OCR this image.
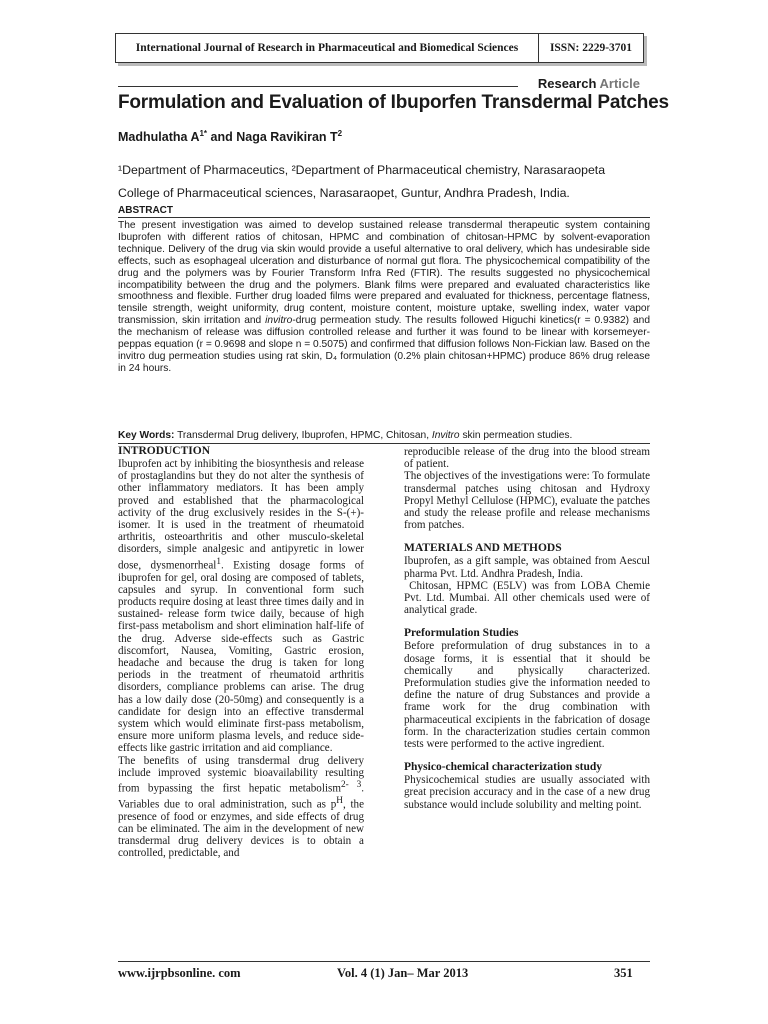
International Journal of Research in Pharmaceutical and Biomedical Sciences	ISSN: 2229-3701
Research Article
Formulation and Evaluation of Ibuporfen Transdermal Patches
Madhulatha $A^{1*}$ and Naga Ravikiran $T^2$
¹Department of Pharmaceutics, ²Department of Pharmaceutical chemistry, Narasaraopeta
College of Pharmaceutical sciences, Narasaraopet, Guntur, Andhra Pradesh, India.
ABSTRACT
The present investigation was aimed to develop sustained release transdermal therapeutic system containing Ibuprofen with different ratios of chitosan, HPMC and combination of chitosan-HPMC by solvent-evaporation technique. Delivery of the drug via skin would provide a useful alternative to oral delivery, which has undesirable side effects, such as esophageal ulceration and disturbance of normal gut flora. The physicochemical compatibility of the drug and the polymers was by Fourier Transform Infra Red (FTIR). The results suggested no physicochemical incompatibility between the drug and the polymers. Blank films were prepared and evaluated characteristics like smoothness and flexible. Further drug loaded films were prepared and evaluated for thickness, percentage flatness, tensile strength, weight uniformity, drug content, moisture content, moisture uptake, swelling index, water vapor transmission, skin irritation and invitro-drug permeation study. The results followed Higuchi kinetics(r = 0.9382) and the mechanism of release was diffusion controlled release and further it was found to be linear with korsemeyer-peppas equation (r = 0.9698 and slope n = 0.5075) and confirmed that diffusion follows Non-Fickian law. Based on the invitro dug permeation studies using rat skin, D₄ formulation (0.2% plain chitosan+HPMC) produce 86% drug release in 24 hours.
Key Words: Transdermal Drug delivery, Ibuprofen, HPMC, Chitosan, Invitro skin permeation studies.
INTRODUCTION

Ibuprofen act by inhibiting the biosynthesis and release of prostaglandins but they do not alter the synthesis of other inflammatory mediators. It has been amply proved and established that the pharmacological activity of the drug exclusively resides in the S-(+)-isomer. It is used in the treatment of rheumatoid arthritis, osteoarthritis and other musculo-skeletal disorders, simple analgesic and antipyretic in lower dose, dysmenorrheal$^1$. Existing dosage forms of ibuprofen for gel, oral dosing are composed of tablets, capsules and syrup. In conventional form such products require dosing at least three times daily and in sustained- release form twice daily, because of high first-pass metabolism and short elimination half-life of the drug. Adverse side-effects such as Gastric discomfort, Nausea, Vomiting, Gastric erosion, headache and because the drug is taken for long periods in the treatment of rheumatoid arthritis disorders, compliance problems can arise. The drug has a low daily dose (20-50mg) and consequently is a candidate for design into an effective transdermal system which would eliminate first-pass metabolism, ensure more uniform plasma levels, and reduce side-effects like gastric irritation and aid compliance.

The benefits of using transdermal drug delivery include improved systemic bioavailability resulting from bypassing the first hepatic metabolism$^{2- 3}$. Variables due to oral administration, such as $p^H$, the presence of food or enzymes, and side effects of drug can be eliminated. The aim in the development of new transdermal drug delivery devices is to obtain a controlled, predictable, and

reproducible release of the drug into the blood stream of patient.

The objectives of the investigations were: To formulate transdermal patches using chitosan and Hydroxy Propyl Methyl Cellulose (HPMC), evaluate the patches and study the release profile and release mechanisms from patches.

MATERIALS AND METHODS

Ibuprofen, as a gift sample, was obtained from Aescul pharma Pvt. Ltd. Andhra Pradesh, India.

Chitosan, HPMC (E5LV) was from LOBA Chemie Pvt. Ltd. Mumbai. All other chemicals used were of analytical grade.

Preformulation Studies

Before preformulation of drug substances in to a dosage forms, it is essential that it should be chemically and physically characterized. Preformulation studies give the information needed to define the nature of drug Substances and provide a frame work for the drug combination with pharmaceutical excipients in the fabrication of dosage form. In the characterization studies certain common tests were performed to the active ingredient.

Physico-chemical characterization study

Physicochemical studies are usually associated with great precision accuracy and in the case of a new drug substance would include solubility and melting point.

www.ijrpbsonline. com	Vol. 4 (1) Jan– Mar 2013	351
